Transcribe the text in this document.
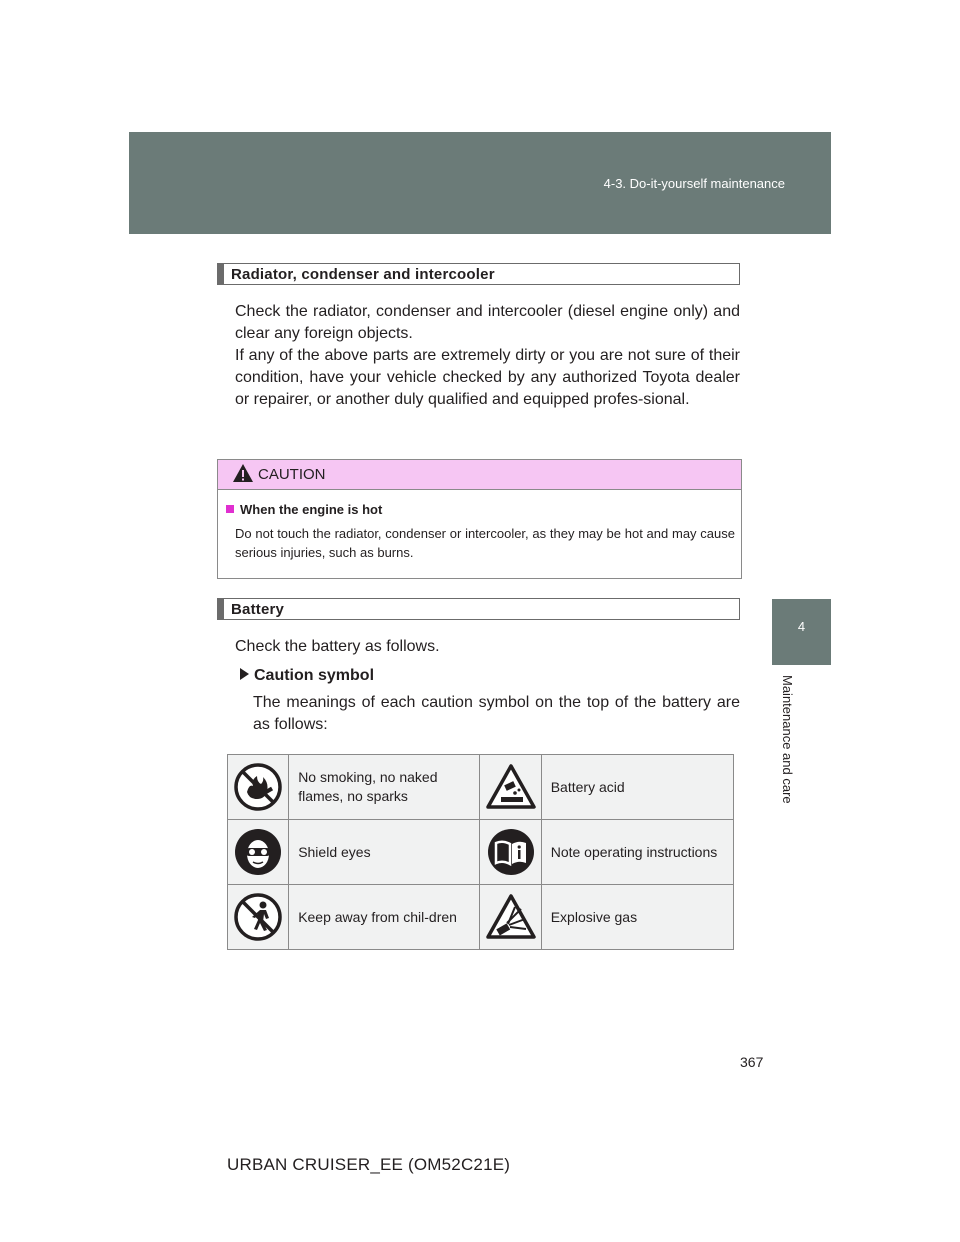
4-3. Do-it-yourself maintenance
4
Maintenance and care
Radiator, condenser and intercooler

Check the radiator, condenser and intercooler (diesel engine only) and clear any foreign objects.

If any of the above parts are extremely dirty or you are not sure of their condition, have your vehicle checked by any authorized Toyota dealer or repairer, or another duly qualified and equipped profes-sional.

CAUTION
When the engine is hot
Do not touch the radiator, condenser or intercooler, as they may be hot and may cause serious injuries, such as burns.
Battery
Check the battery as follows.
Caution symbol
The meanings of each caution symbol on the top of the battery are as follows:
	No smoking, no naked flames, no sparks		Battery acid

	Shield eyes		Note operating instructions

	Keep away from chil-dren		Explosive gas
367
URBAN CRUISER_EE (OM52C21E)
